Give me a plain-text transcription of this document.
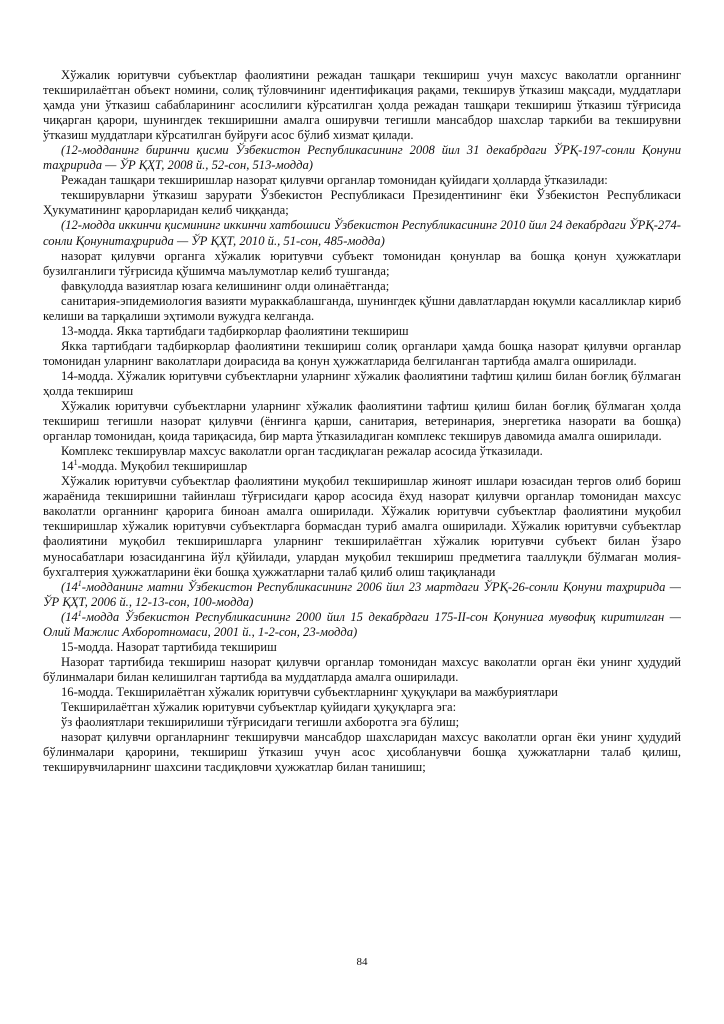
Хўжалик юритувчи субъектлар фаолиятини режадан ташқари текшириш учун махсус ваколатли органнинг текширилаётган объект номини, солиқ тўловчининг идентификация рақами, текширув ўтказиш мақсади, муддатлари ҳамда уни ўтказиш сабабларининг асослилиги кўрсатилган ҳолда режадан ташқари текшириш ўтказиш тўғрисида чиқарган қарори, шунингдек текширишни амалга оширувчи тегишли мансабдор шахслар таркиби ва текширувни ўтказиш муддатлари кўрсатилган буйруғи асос бўлиб хизмат қилади.

(12-модданинг биринчи қисми Ўзбекистон Республикасининг 2008 йил 31 декабрдаги ЎРҚ-197-сонли Қонуни таҳририда — ЎР ҚҲТ, 2008 й., 52-сон, 513-модда)

Режадан ташқари текширишлар назорат қилувчи органлар томонидан қуйидаги ҳолларда ўтказилади:

текширувларни ўтказиш зарурати Ўзбекистон Республикаси Президентининг ёки Ўзбекистон Республикаси Ҳукуматининг қарорларидан келиб чиққанда;

(12-модда иккинчи қисмининг иккинчи хатбошиси Ўзбекистон Республикасининг 2010 йил 24 декабрдаги ЎРҚ-274-сонли Қонунитаҳририда — ЎР ҚҲТ, 2010 й., 51-сон, 485-модда)

назорат қилувчи органга хўжалик юритувчи субъект томонидан қонунлар ва бошқа қонун ҳужжатлари бузилганлиги тўғрисида қўшимча маълумотлар келиб тушганда;

фавқулодда вазиятлар юзага келишининг олди олинаётганда;

санитария-эпидемиология вазияти мураккаблашганда, шунингдек қўшни давлатлардан юқумли касалликлар кириб келиши ва тарқалиши эҳтимоли вужудга келганда.

13-модда. Якка тартибдаги тадбиркорлар фаолиятини текшириш

Якка тартибдаги тадбиркорлар фаолиятини текшириш солиқ органлари ҳамда бошқа назорат қилувчи органлар томонидан уларнинг ваколатлари доирасида ва қонун ҳужжатларида белгиланган тартибда амалга оширилади.

14-модда. Хўжалик юритувчи субъектларни уларнинг хўжалик фаолиятини тафтиш қилиш билан боғлиқ бўлмаган ҳолда текшириш

Хўжалик юритувчи субъектларни уларнинг хўжалик фаолиятини тафтиш қилиш билан боғлиқ бўлмаган ҳолда текшириш тегишли назорат қилувчи (ёнғинга қарши, санитария, ветеринария, энергетика назорати ва бошқа) органлар томонидан, қоида тариқасида, бир марта ўтказиладиган комплекс текширув давомида амалга оширилади.

Комплекс текширувлар махсус ваколатли орган тасдиқлаган режалар асосида ўтказилади.

$14^1$-модда. Муқобил текширишлар

Хўжалик юритувчи субъектлар фаолиятини муқобил текширишлар жиноят ишлари юзасидан тергов олиб бориш жараёнида текширишни тайинлаш тўғрисидаги қарор асосида ёхуд назорат қилувчи органлар томонидан махсус ваколатли органнинг қарорига биноан амалга оширилади. Хўжалик юритувчи субъектлар фаолиятини муқобил текширишлар хўжалик юритувчи субъектларга бормасдан туриб амалга оширилади. Хўжалик юритувчи субъектлар фаолиятини муқобил текширишларга уларнинг текширилаётган хўжалик юритувчи субъект билан ўзаро муносабатлари юзасидангина йўл қўйилади, улардан муқобил текшириш предметига тааллуқли бўлмаган молия-бухгалтерия ҳужжатларини ёки бошқа ҳужжатларни талаб қилиб олиш тақиқланади

($14^1$-модданинг матни Ўзбекистон Республикасининг 2006 йил 23 мартдаги ЎРҚ-26-сонли Қонуни таҳририда — ЎР ҚҲТ, 2006 й., 12-13-сон, 100-модда)

($14^1$-модда Ўзбекистон Республикасининг 2000 йил 15 декабрдаги 175-II-сон Қонунига мувофиқ киритилган — Олий Мажлис Ахборотномаси, 2001 й., 1-2-сон, 23-модда)

15-модда. Назорат тартибида текшириш

Назорат тартибида текшириш назорат қилувчи органлар томонидан махсус ваколатли орган ёки унинг ҳудудий бўлинмалари билан келишилган тартибда ва муддатларда амалга оширилади.

16-модда. Текширилаётган хўжалик юритувчи субъектларнинг ҳуқуқлари ва мажбуриятлари

Текширилаётган хўжалик юритувчи субъектлар қуйидаги ҳуқуқларга эга:

ўз фаолиятлари текширилиши тўғрисидаги тегишли ахборотга эга бўлиш;

назорат қилувчи органларнинг текширувчи мансабдор шахсларидан махсус ваколатли орган ёки унинг ҳудудий бўлинмалари қарорини, текшириш ўтказиш учун асос ҳисобланувчи бошқа ҳужжатларни талаб қилиш, текширувчиларнинг шахсини тасдиқловчи ҳужжатлар билан танишиш;

84
